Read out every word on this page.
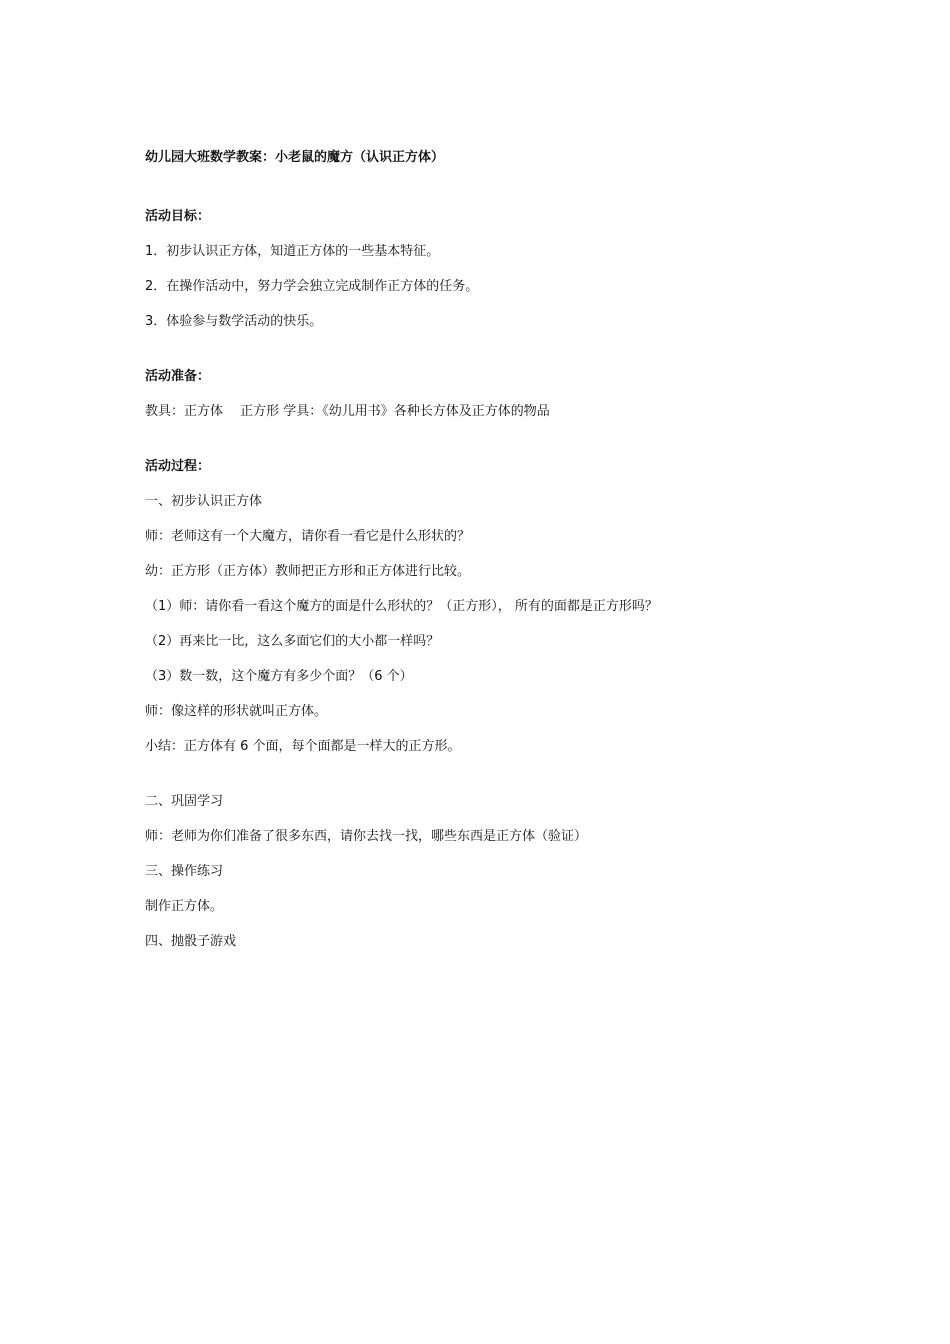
幼儿园大班数学教案：小老鼠的魔方（认识正方体）
活动目标：
1．初步认识正方体，知道正方体的一些基本特征。
2．在操作活动中，努力学会独立完成制作正方体的任务。
3．体验参与数学活动的快乐。
活动准备：
教具：正方体　 正方形 学具：《幼儿用书》各种长方体及正方体的物品
活动过程：
一、初步认识正方体
师：老师这有一个大魔方，请你看一看它是什么形状的？
幼：正方形（正方体）教师把正方形和正方体进行比较。
（1）师：请你看一看这个魔方的面是什么形状的？（正方形）， 所有的面都是正方形吗？
（2）再来比一比，这么多面它们的大小都一样吗？
（3）数一数，这个魔方有多少个面？（6 个）
师：像这样的形状就叫正方体。
小结：正方体有 6 个面，每个面都是一样大的正方形。
二、巩固学习
师：老师为你们准备了很多东西，请你去找一找，哪些东西是正方体（验证）
三、操作练习
制作正方体。
四、抛骰子游戏
